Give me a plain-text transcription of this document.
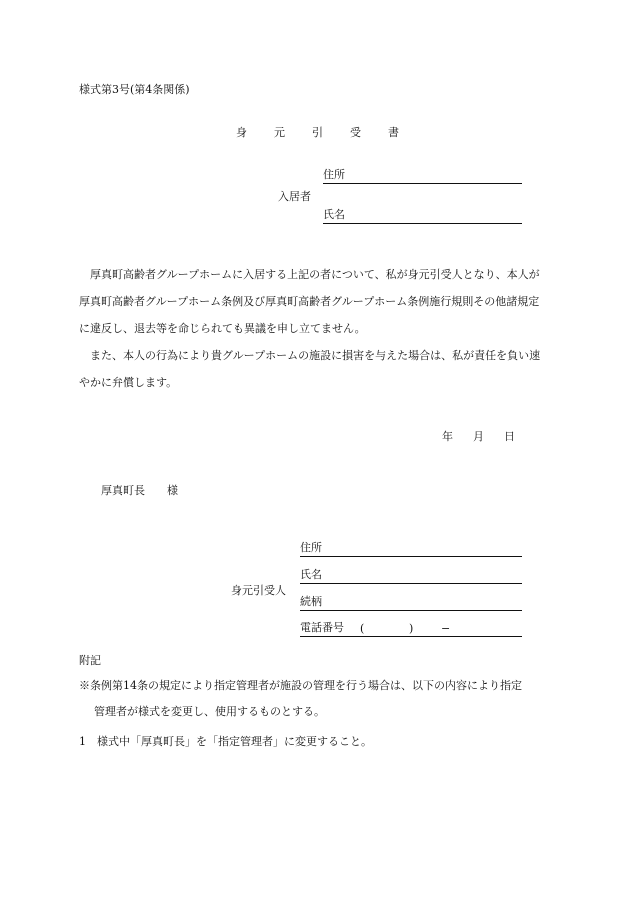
様式第3号(第4条関係)
身 元 引 受 書
住所
入居者
氏名
　厚真町高齢者グループホームに入居する上記の者について、私が身元引受人となり、本人が厚真町高齢者グループホーム条例及び厚真町高齢者グループホーム条例施行規則その他諸規定に違反し、退去等を命じられても異議を申し立てません。
　また、本人の行為により貴グループホームの施設に損害を与えた場合は、私が責任を負い速やかに弁償します。
年 月 日
厚真町長 様
住所
氏名
身元引受人
続柄
電話番号 (	)	−
附記
※条例第14条の規定により指定管理者が施設の管理を行う場合は、以下の内容により指定
管理者が様式を変更し、使用するものとする。
1　様式中「厚真町長」を「指定管理者」に変更すること。
